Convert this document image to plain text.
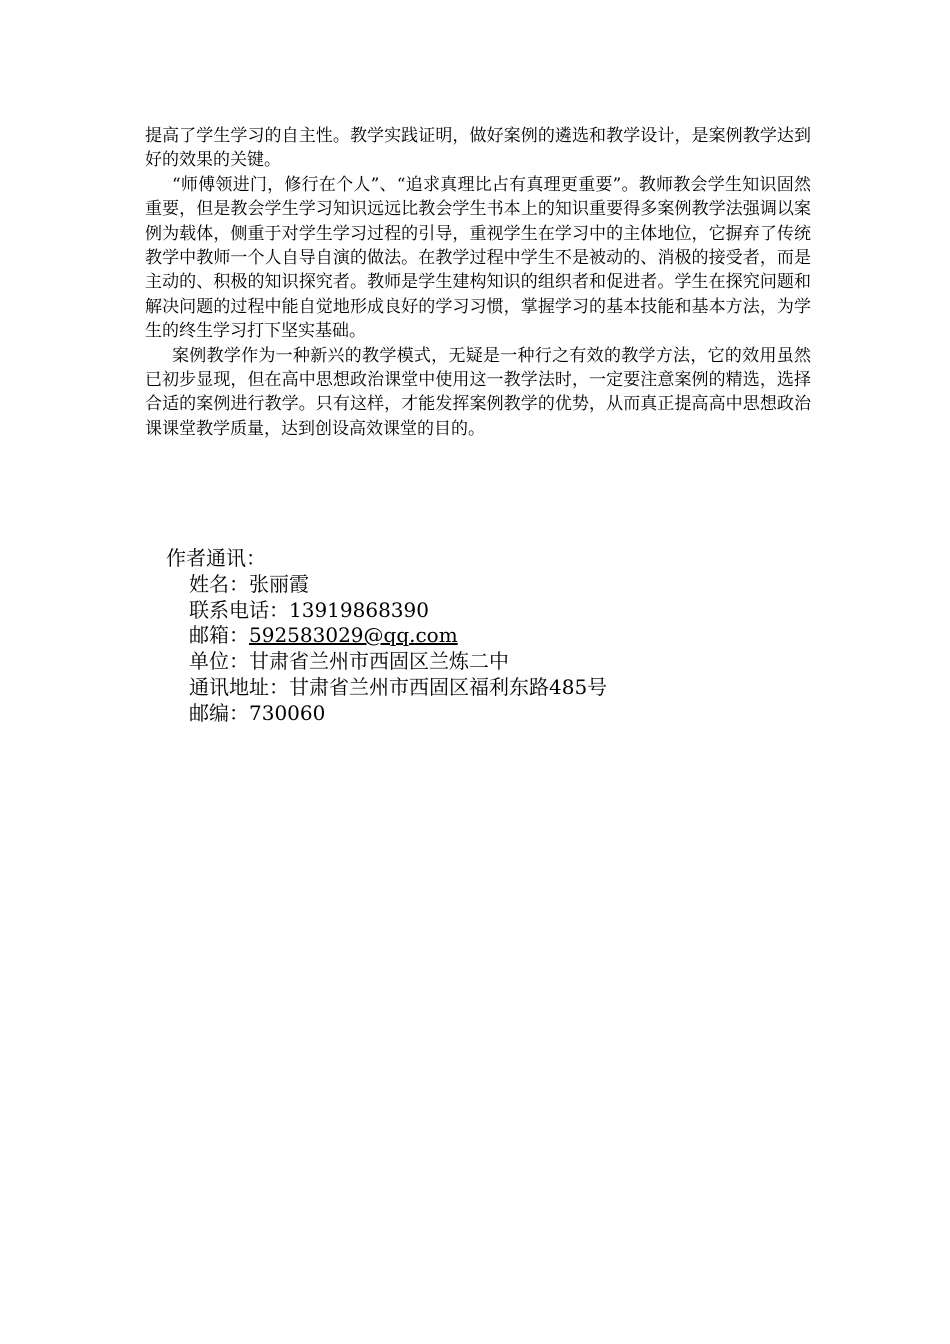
提高了学生学习的自主性。教学实践证明，做好案例的遴选和教学设计，是案例教学达到好的效果的关键。

“师傅领进门，修行在个人”、“追求真理比占有真理更重要”。教师教会学生知识固然重要，但是教会学生学习知识远远比教会学生书本上的知识重要得多案例教学法强调以案例为载体，侧重于对学生学习过程的引导，重视学生在学习中的主体地位，它摒弃了传统教学中教师一个人自导自演的做法。在教学过程中学生不是被动的、消极的接受者，而是主动的、积极的知识探究者。教师是学生建构知识的组织者和促进者。学生在探究问题和解决问题的过程中能自觉地形成良好的学习习惯，掌握学习的基本技能和基本方法，为学生的终生学习打下坚实基础。

案例教学作为一种新兴的教学模式，无疑是一种行之有效的教学方法，它的效用虽然已初步显现，但在高中思想政治课堂中使用这一教学法时，一定要注意案例的精选，选择合适的案例进行教学。只有这样，才能发挥案例教学的优势，从而真正提高高中思想政治课课堂教学质量，达到创设高效课堂的目的。

作者通讯：

姓名：张丽霞

联系电话：13919868390

邮箱：592583029@qq.com

单位：甘肃省兰州市西固区兰炼二中

通讯地址：甘肃省兰州市西固区福利东路485号

邮编：730060
